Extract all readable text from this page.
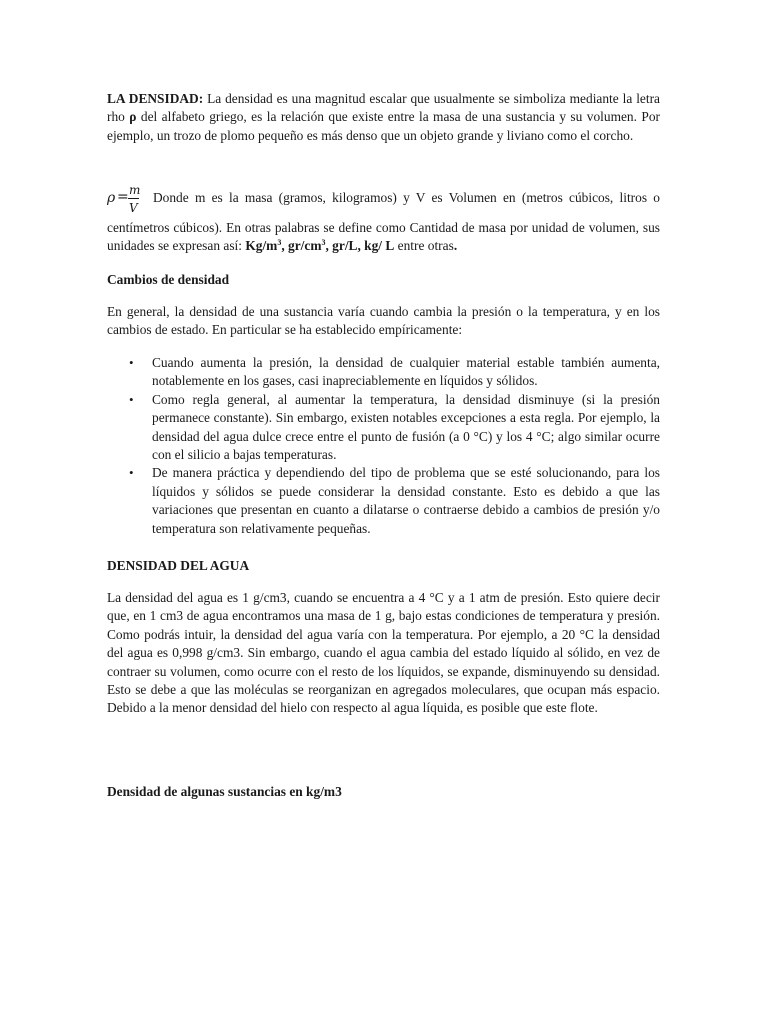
LA DENSIDAD: La densidad es una magnitud escalar que usualmente se simboliza mediante la letra rho ρ del alfabeto griego, es la relación que existe entre la masa de una sustancia y su volumen. Por ejemplo, un trozo de plomo pequeño es más denso que un objeto grande y liviano como el corcho.

ρ = m
V
Donde m es la masa (gramos, kilogramos) y V es Volumen en (metros cúbicos, litros o

centímetros cúbicos). En otras palabras se define como Cantidad de masa por unidad de volumen, sus unidades se expresan así: $Kg/m^3$, $gr/cm^3$, gr/L, kg/ L entre otras.

Cambios de densidad

En general, la densidad de una sustancia varía cuando cambia la presión o la temperatura, y en los cambios de estado. En particular se ha establecido empíricamente:

• Cuando aumenta la presión, la densidad de cualquier material estable también aumenta, notablemente en los gases, casi inapreciablemente en líquidos y sólidos.
• Como regla general, al aumentar la temperatura, la densidad disminuye (si la presión permanece constante). Sin embargo, existen notables excepciones a esta regla. Por ejemplo, la densidad del agua dulce crece entre el punto de fusión (a 0 °C) y los 4 °C; algo similar ocurre con el silicio a bajas temperaturas.
• De manera práctica y dependiendo del tipo de problema que se esté solucionando, para los líquidos y sólidos se puede considerar la densidad constante. Esto es debido a que las variaciones que presentan en cuanto a dilatarse o contraerse debido a cambios de presión y/o temperatura son relativamente pequeñas.
DENSIDAD DEL AGUA

La densidad del agua es 1 g/cm3, cuando se encuentra a 4 °C y a 1 atm de presión. Esto quiere decir que, en 1 cm3 de agua encontramos una masa de 1 g, bajo estas condiciones de temperatura y presión. Como podrás intuir, la densidad del agua varía con la temperatura. Por ejemplo, a 20 °C la densidad del agua es 0,998 g/cm3. Sin embargo, cuando el agua cambia del estado líquido al sólido, en vez de contraer su volumen, como ocurre con el resto de los líquidos, se expande, disminuyendo su densidad. Esto se debe a que las moléculas se reorganizan en agregados moleculares, que ocupan más espacio. Debido a la menor densidad del hielo con respecto al agua líquida, es posible que este flote.

Densidad de algunas sustancias en kg/m3
